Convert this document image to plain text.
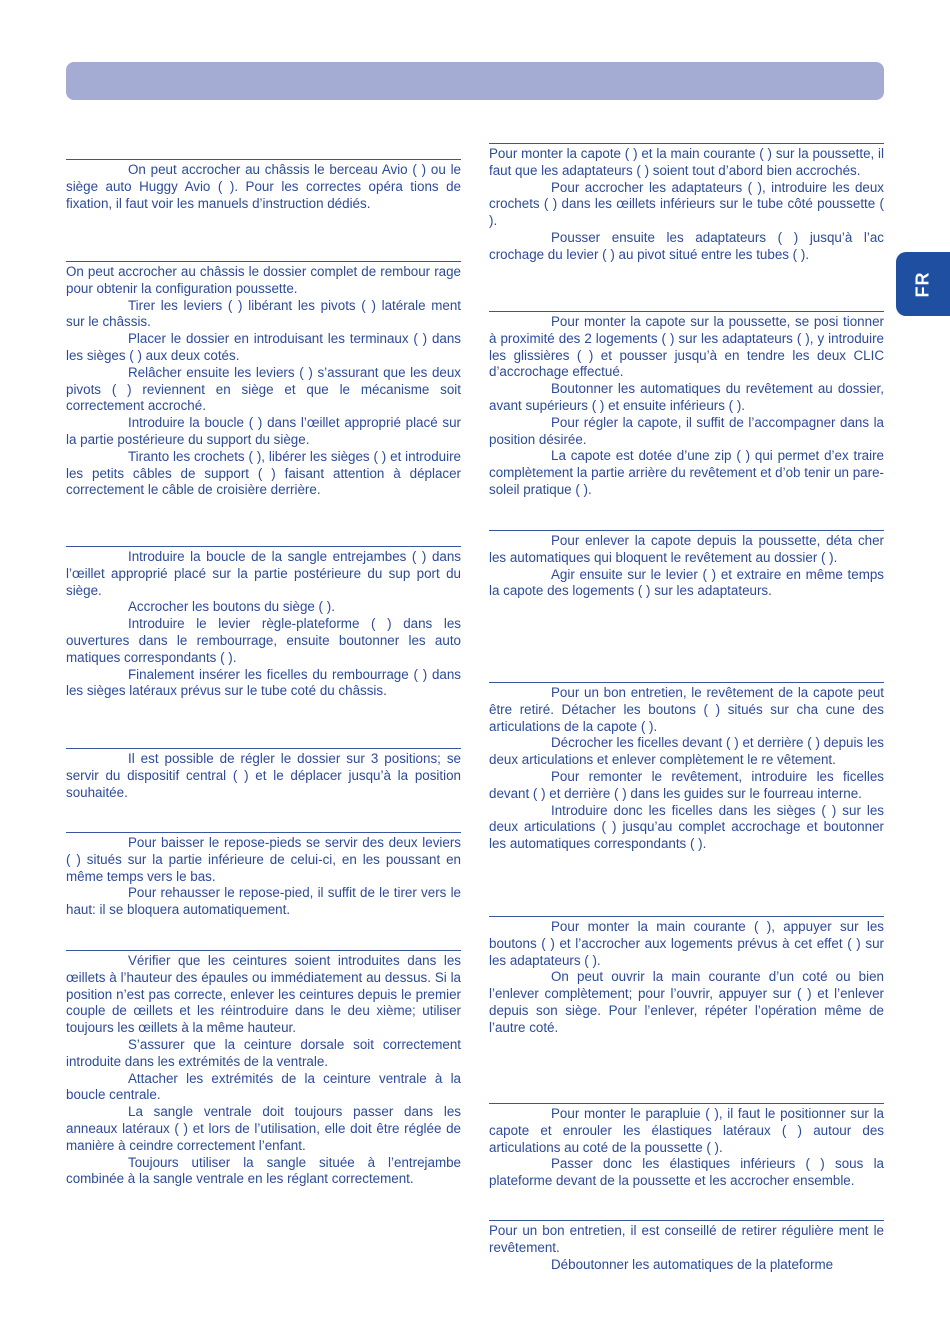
FR

On peut accrocher au châssis le berceau Avio ( ) ou le siège auto Huggy Avio ( ). Pour les correctes opéra tions de fixation, il faut voir les manuels d’instruction dédiés.

On peut accrocher au châssis le dossier complet de rembour rage pour obtenir la configuration poussette.

Tirer les leviers ( ) libérant les pivots ( ) latérale ment sur le châssis.

Placer le dossier en introduisant les terminaux ( ) dans les sièges ( ) aux deux cotés.

Relâcher ensuite les leviers ( ) s’assurant que les deux pivots ( ) reviennent en siège et que le mécanisme soit correctement accroché.

Introduire la boucle ( ) dans l’œillet approprié placé sur la partie postérieure du support du siège.

Tiranto les crochets ( ), libérer les sièges ( ) et introduire les petits câbles de support ( ) faisant attention à déplacer correctement le câble de croisière derrière.

Introduire la boucle de la sangle entrejambes ( ) dans l’œillet approprié placé sur la partie postérieure du sup port du siège.

Accrocher les boutons du siège ( ).

Introduire le levier règle-plateforme ( ) dans les ouvertures dans le rembourrage, ensuite boutonner les auto matiques correspondants ( ).

Finalement insérer les ficelles du rembourrage ( ) dans les sièges latéraux prévus sur le tube coté du châssis.

Il est possible de régler le dossier sur 3 positions; se servir du dispositif central ( ) et le déplacer jusqu’à la position souhaitée.

Pour baisser le repose-pieds se servir des deux leviers ( ) situés sur la partie inférieure de celui-ci, en les poussant en même temps vers le bas.

Pour rehausser le repose-pied, il suffit de le tirer vers le haut: il se bloquera automatiquement.

Vérifier que les ceintures soient introduites dans les œillets à l’hauteur des épaules ou immédiatement au dessus. Si la position n’est pas correcte, enlever les ceintures depuis le premier couple de œillets et les réintroduire dans le deu xième; utiliser toujours les œillets à la même hauteur.

S’assurer que la ceinture dorsale soit correctement introduite dans les extrémités de la ventrale.

Attacher les extrémités de la ceinture ventrale à la boucle centrale.

La sangle ventrale doit toujours passer dans les anneaux latéraux ( ) et lors de l’utilisation, elle doit être réglée de manière à ceindre correctement l’enfant.

Toujours utiliser la sangle située à l’entrejambe combinée à la sangle ventrale en les réglant correctement.

Pour monter la capote ( ) et la main courante ( ) sur la poussette, il faut que les adaptateurs ( ) soient tout d’abord bien accrochés.

Pour accrocher les adaptateurs ( ), introduire les deux crochets ( ) dans les œillets inférieurs sur le tube côté poussette ( ).

Pousser ensuite les adaptateurs ( ) jusqu’à l’ac crochage du levier ( ) au pivot situé entre les tubes ( ).

Pour monter la capote sur la poussette, se posi tionner à proximité des 2 logements ( ) sur les adaptateurs ( ), y introduire les glissières ( ) et pousser jusqu’à en tendre les deux CLIC d’accrochage effectué.

Boutonner les automatiques du revêtement au dossier, avant supérieurs ( ) et ensuite inférieurs ( ).

Pour régler la capote, il suffit de l’accompagner dans la position désirée.

La capote est dotée d’une zip ( ) qui permet d’ex traire complètement la partie arrière du revêtement et d’ob tenir un pare-soleil pratique ( ).

Pour enlever la capote depuis la poussette, déta cher les automatiques qui bloquent le revêtement au dossier ( ).

Agir ensuite sur le levier ( ) et extraire en même temps la capote des logements ( ) sur les adaptateurs.

Pour un bon entretien, le revêtement de la capote peut être retiré. Détacher les boutons ( ) situés sur cha cune des articulations de la capote ( ).

Décrocher les ficelles devant ( ) et derrière ( ) depuis les deux articulations et enlever complètement le re vêtement.

Pour remonter le revêtement, introduire les ficelles devant ( ) et derrière ( ) dans les guides sur le fourreau interne.

Introduire donc les ficelles dans les sièges ( ) sur les deux articulations ( ) jusqu’au complet accrochage et boutonner les automatiques correspondants ( ).

Pour monter la main courante ( ), appuyer sur les boutons ( ) et l’accrocher aux logements prévus à cet effet ( ) sur les adaptateurs ( ).

On peut ouvrir la main courante d’un coté ou bien l’enlever complètement; pour l’ouvrir, appuyer sur ( ) et l’enlever depuis son siège. Pour l’enlever, répéter l’opération même de l’autre coté.

Pour monter le parapluie ( ), il faut le positionner sur la capote et enrouler les élastiques latéraux ( ) autour des articulations au coté de la poussette ( ).

Passer donc les élastiques inférieurs ( ) sous la plateforme devant de la poussette et les accrocher ensemble.

Pour un bon entretien, il est conseillé de retirer régulière ment le revêtement.

Déboutonner les automatiques de la plateforme
